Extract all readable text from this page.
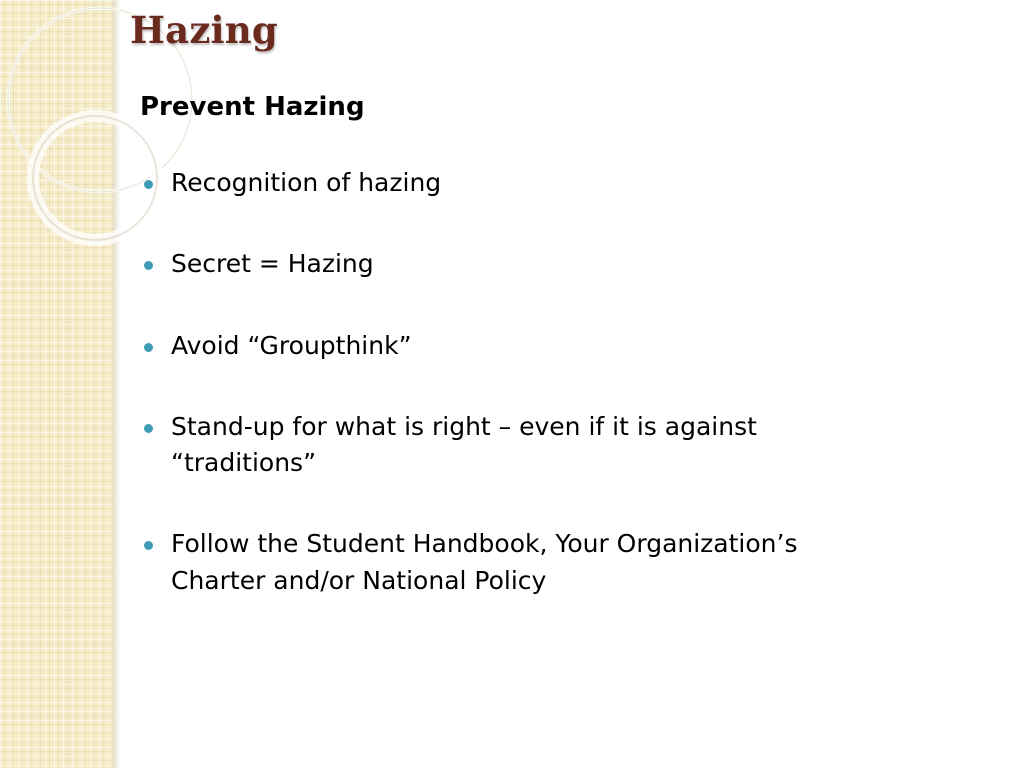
Hazing
Prevent Hazing
Recognition of hazing
Secret = Hazing
Avoid “Groupthink”
Stand-up for what is right – even if it is against “traditions”
Follow the Student Handbook, Your Organization’s Charter and/or National Policy
